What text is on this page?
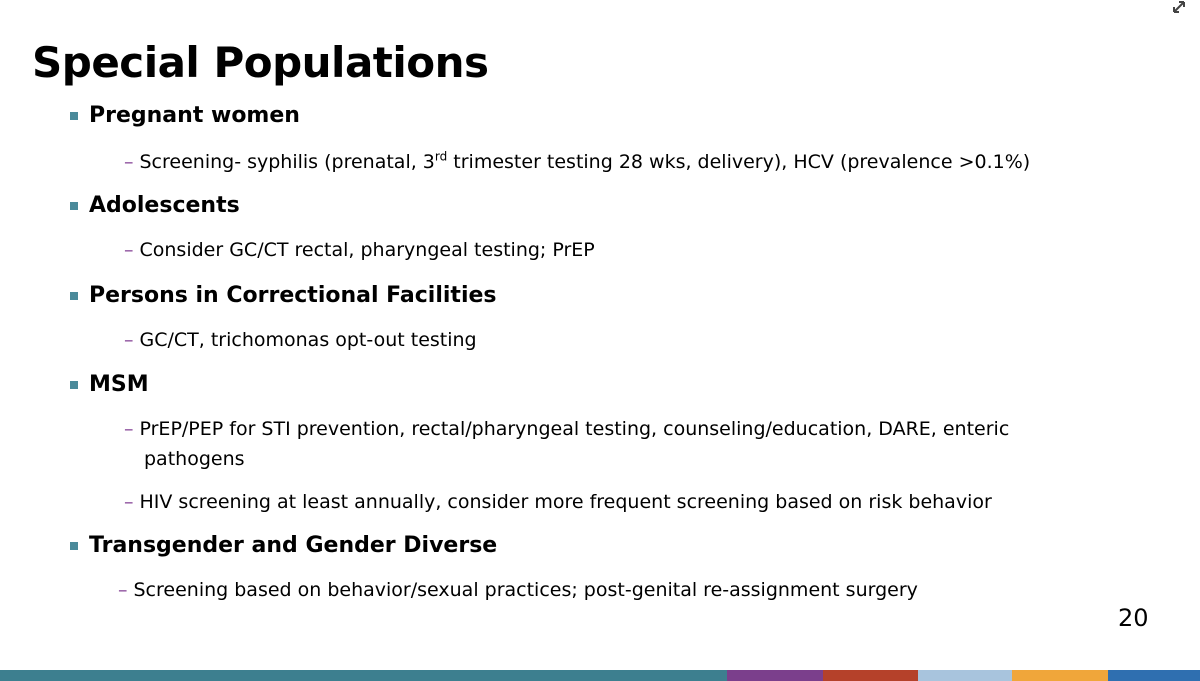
Special Populations
Pregnant women
– Screening- syphilis (prenatal, 3rd trimester testing 28 wks, delivery), HCV (prevalence >0.1%)
Adolescents
– Consider GC/CT rectal, pharyngeal testing; PrEP
Persons in Correctional Facilities
– GC/CT, trichomonas opt-out testing
MSM
– PrEP/PEP for STI prevention, rectal/pharyngeal testing, counseling/education, DARE, enteric
pathogens
– HIV screening at least annually, consider more frequent screening based on risk behavior
Transgender and Gender Diverse
– Screening based on behavior/sexual practices; post-genital re-assignment surgery
20
